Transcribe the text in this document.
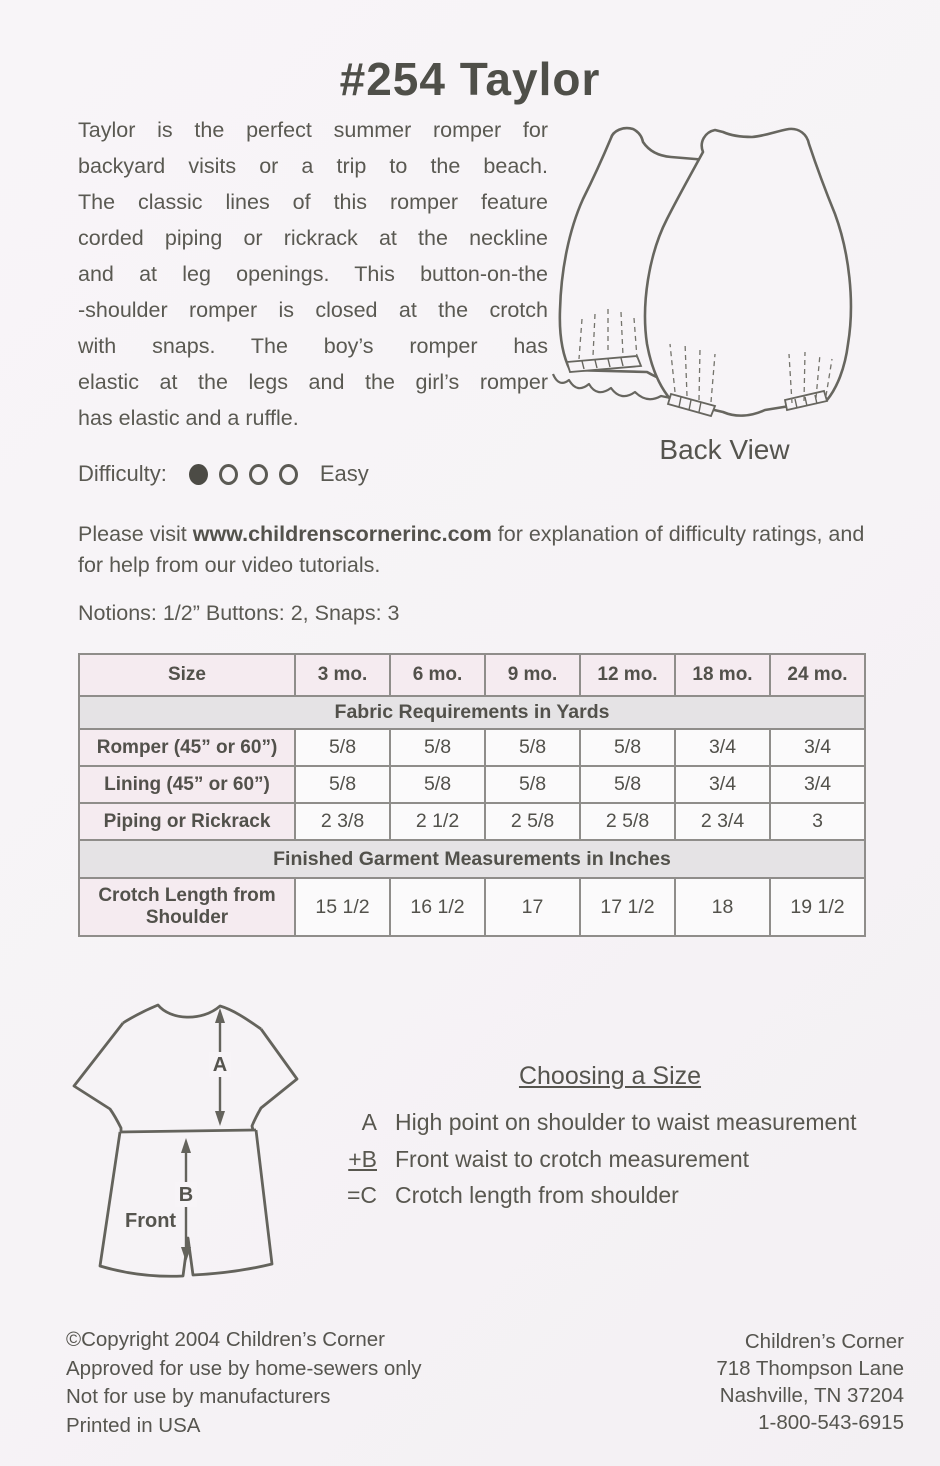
#254 Taylor
Taylor is the perfect summer romper for
backyard visits or a trip to the beach.
The classic lines of this romper feature
corded piping or rickrack at the neckline
and at leg openings. This button-on-the
-shoulder romper is closed at the crotch
with snaps. The boy’s romper has
elastic at the legs and the girl’s romper
has elastic and a ruffle.
Back View
Difficulty:	Easy
Please visit www.childrenscornerinc.com for explanation of difficulty ratings, and for help from our video tutorials.
Notions: 1/2” Buttons: 2, Snaps: 3
Size	3 mo.	6 mo.	9 mo.	12 mo.	18 mo.	24 mo.
Fabric Requirements in Yards						
Romper (45” or 60”)	5/8	5/8	5/8	5/8	3/4	3/4
Lining (45” or 60”)	5/8	5/8	5/8	5/8	3/4	3/4
Piping or Rickrack	2 3/8	2 1/2	2 5/8	2 5/8	2 3/4	3
Finished Garment Measurements in Inches						
Crotch Length from Shoulder	15 1/2	16 1/2	17	17 1/2	18	19 1/2
A
B
Front
Choosing a Size
A High point on shoulder to waist measurement
+B Front waist to crotch measurement
=C Crotch length from shoulder
©Copyright 2004 Children’s Corner
Approved for use by home-sewers only
Not for use by manufacturers
Printed in USA
Children’s Corner
718 Thompson Lane
Nashville, TN 37204
1-800-543-6915
